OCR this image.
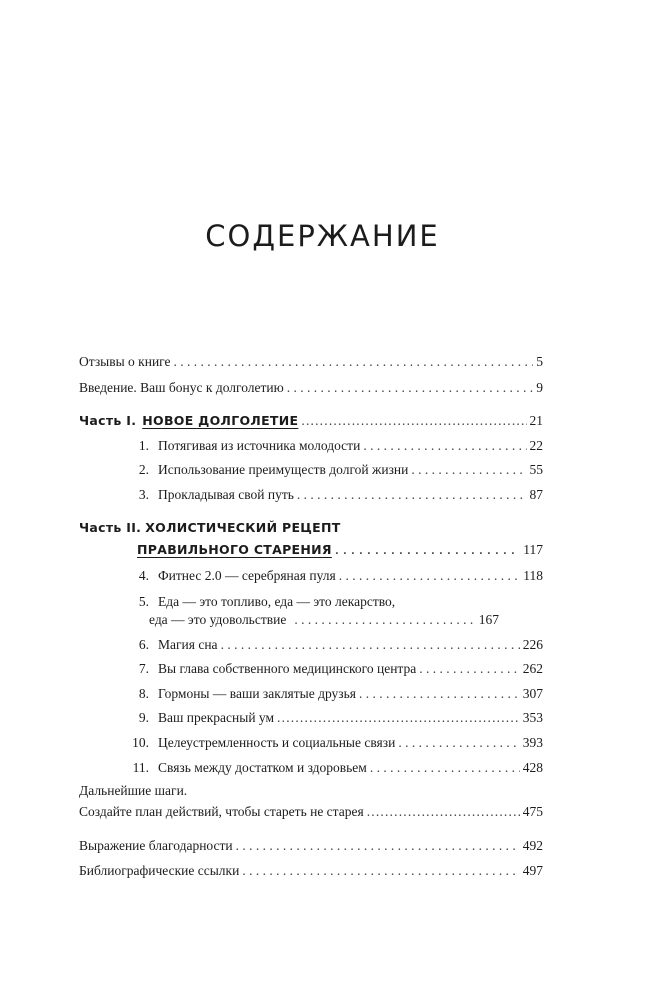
СОДЕРЖАНИЕ
Отзывы о книге . . .	5
Введение. Ваш бонус к долголетию . . .	9
Часть I. НОВОЕ ДОЛГОЛЕТИЕ .....	21
1. Потягивая из источника молодости . . .	22
2. Использование преимуществ долгой жизни . . .	55
3. Прокладывая свой путь . . .	87
Часть II. ХОЛИСТИЧЕСКИЙ РЕЦЕПТ
ПРАВИЛЬНОГО СТАРЕНИЯ . . .	117
4. Фитнес 2.0 — серебряная пуля . . .	118
5. Еда — это топливо, еда — это лекарство,
еда — это удовольствие . . .	167
6. Магия сна . . .	226
7. Вы глава собственного медицинского центра . . .	262
8. Гормоны — ваши заклятые друзья . . .	307
9. Ваш прекрасный ум .....	353
10. Целеустремленность и социальные связи . . .	393
11. Связь между достатком и здоровьем . . .	428
Дальнейшие шаги.
Создайте план действий, чтобы стареть не старея .....	475
Выражение благодарности . . .	492
Библиографические ссылки . . .	497
